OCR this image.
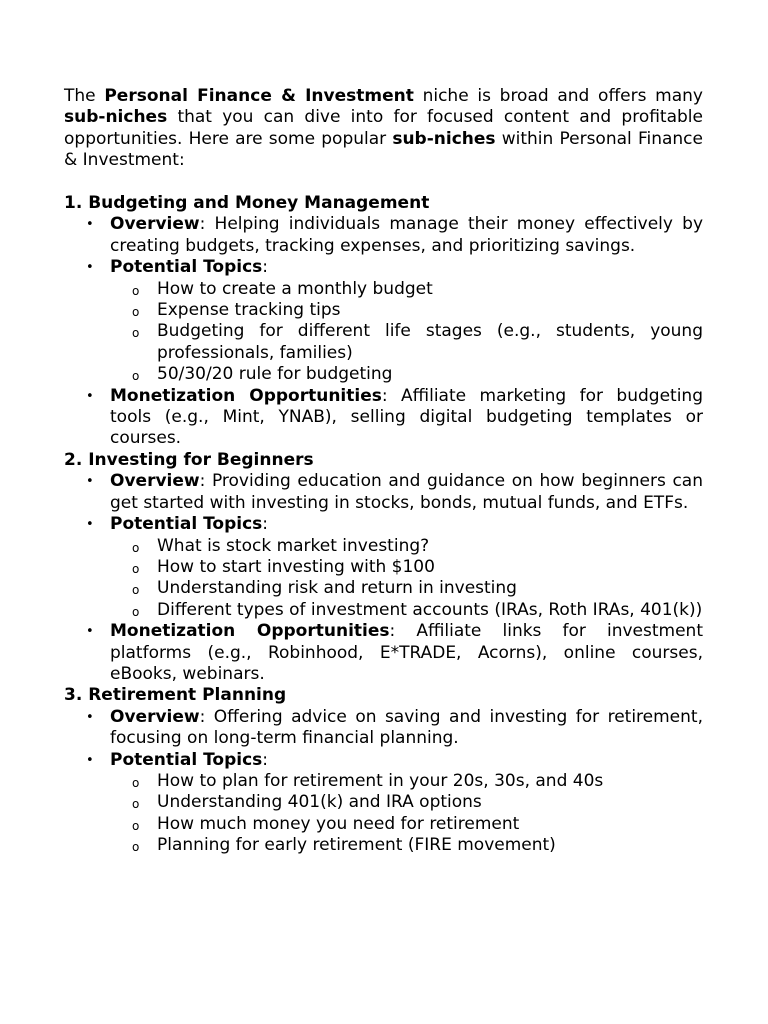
The Personal Finance & Investment niche is broad and offers many sub-niches that you can dive into for focused content and profitable opportunities. Here are some popular sub-niches within Personal Finance & Investment:

1. Budgeting and Money Management

• Overview: Helping individuals manage their money effectively by creating budgets, tracking expenses, and prioritizing savings.
• Potential Topics:
o How to create a monthly budget
o Expense tracking tips
o Budgeting for different life stages (e.g., students, young professionals, families)
o 50/30/20 rule for budgeting
• Monetization Opportunities: Affiliate marketing for budgeting tools (e.g., Mint, YNAB), selling digital budgeting templates or courses.

2. Investing for Beginners

• Overview: Providing education and guidance on how beginners can get started with investing in stocks, bonds, mutual funds, and ETFs.
• Potential Topics:
o What is stock market investing?
o How to start investing with $100
o Understanding risk and return in investing
o Different types of investment accounts (IRAs, Roth IRAs, 401(k))
• Monetization Opportunities: Affiliate links for investment platforms (e.g., Robinhood, E*TRADE, Acorns), online courses, eBooks, webinars.

3. Retirement Planning

• Overview: Offering advice on saving and investing for retirement, focusing on long-term financial planning.
• Potential Topics:
o How to plan for retirement in your 20s, 30s, and 40s
o Understanding 401(k) and IRA options
o How much money you need for retirement
o Planning for early retirement (FIRE movement)
